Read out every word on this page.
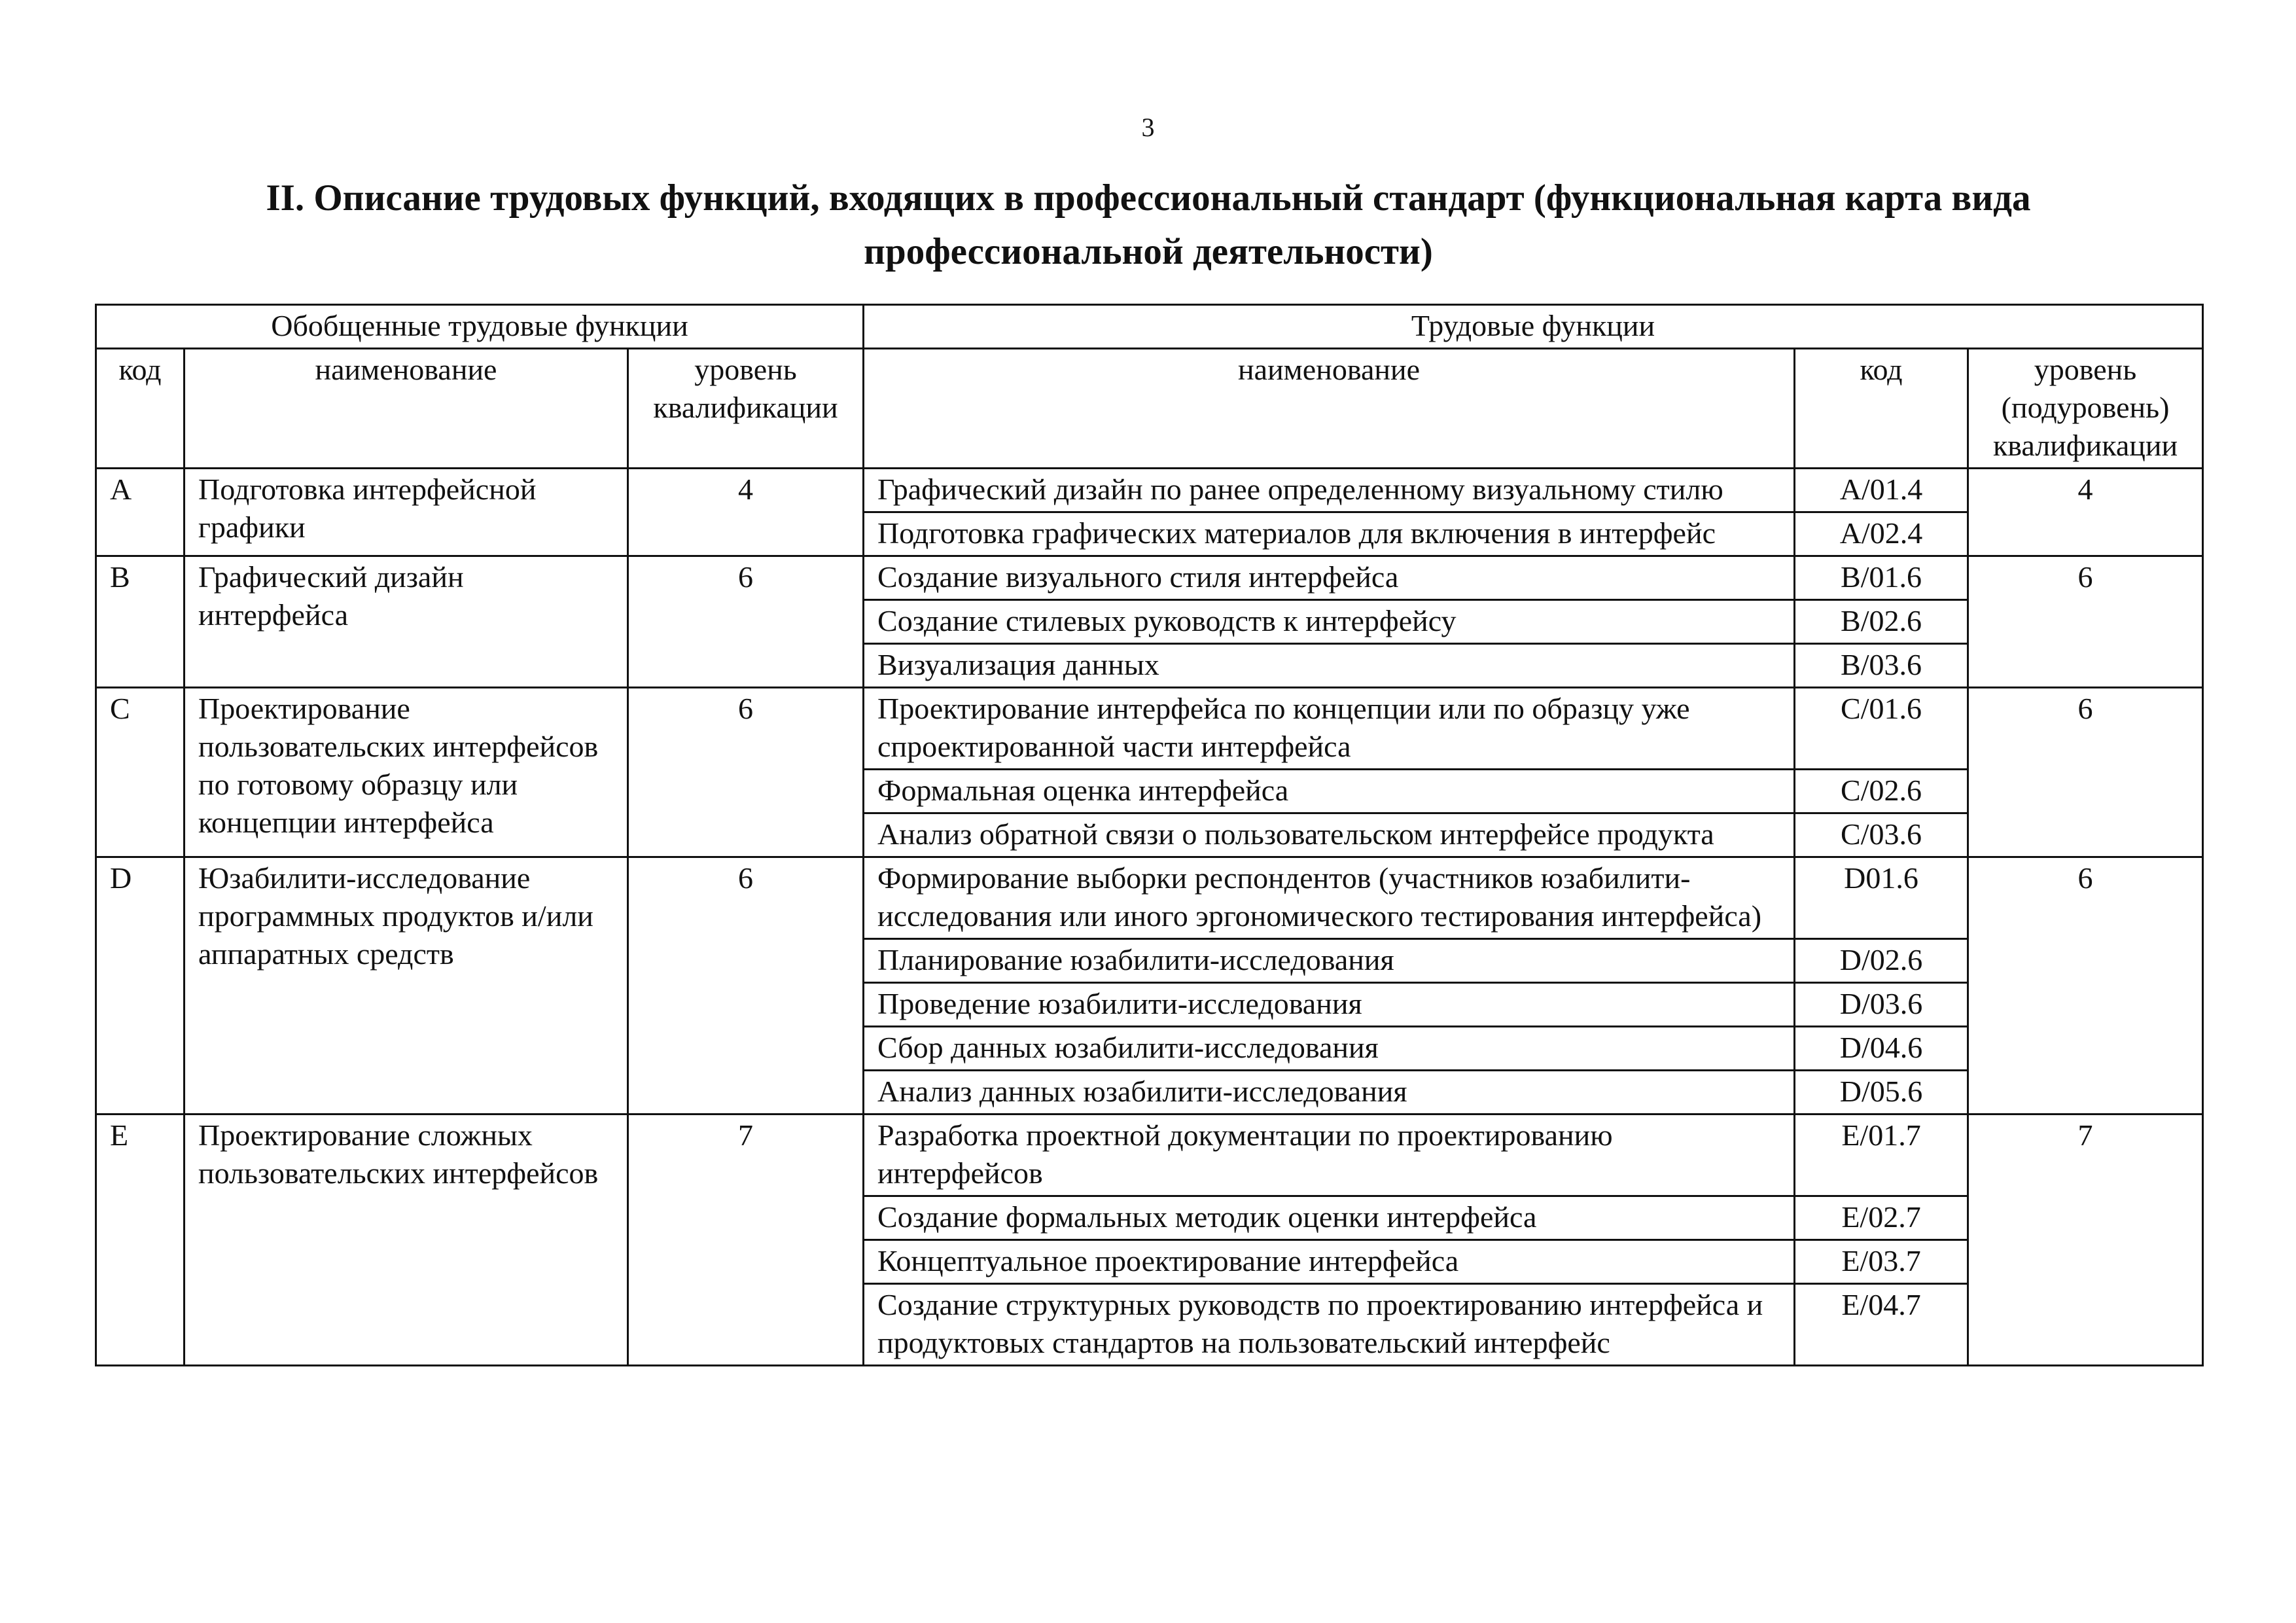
3
II. Описание трудовых функций, входящих в профессиональный стандарт (функциональная карта вида профессиональной деятельности)
Обобщенные трудовые функции			Трудовые функции		
код	наименование	уровень квалификации	наименование	код	уровень (подуровень) квалификации
A	Подготовка интерфейсной графики	4	Графический дизайн по ранее определенному визуальному стилю	A/01.4	4
			Подготовка графических материалов для включения в интерфейс	A/02.4	
B	Графический дизайн интерфейса	6	Создание визуального стиля интерфейса	B/01.6	6
			Создание стилевых руководств к интерфейсу	B/02.6	
			Визуализация данных	B/03.6	
C	Проектирование пользовательских интерфейсов по готовому образцу или концепции интерфейса	6	Проектирование интерфейса по концепции или по образцу уже спроектированной части интерфейса	C/01.6	6
			Формальная оценка интерфейса	C/02.6	
			Анализ обратной связи о пользовательском интерфейсе продукта	C/03.6	
D	Юзабилити-исследование программных продуктов и/или аппаратных средств	6	Формирование выборки респондентов (участников юзабилити-исследования или иного эргономического тестирования интерфейса)	D01.6	6
			Планирование юзабилити-исследования	D/02.6	
			Проведение юзабилити-исследования	D/03.6	
			Сбор данных юзабилити-исследования	D/04.6	
			Анализ данных юзабилити-исследования	D/05.6	
E	Проектирование сложных пользовательских интерфейсов	7	Разработка проектной документации по проектированию интерфейсов	E/01.7	7
			Создание формальных методик оценки интерфейса	E/02.7	
			Концептуальное проектирование интерфейса	E/03.7	
			Создание структурных руководств по проектированию интерфейса и продуктовых стандартов на пользовательский интерфейс	E/04.7	
